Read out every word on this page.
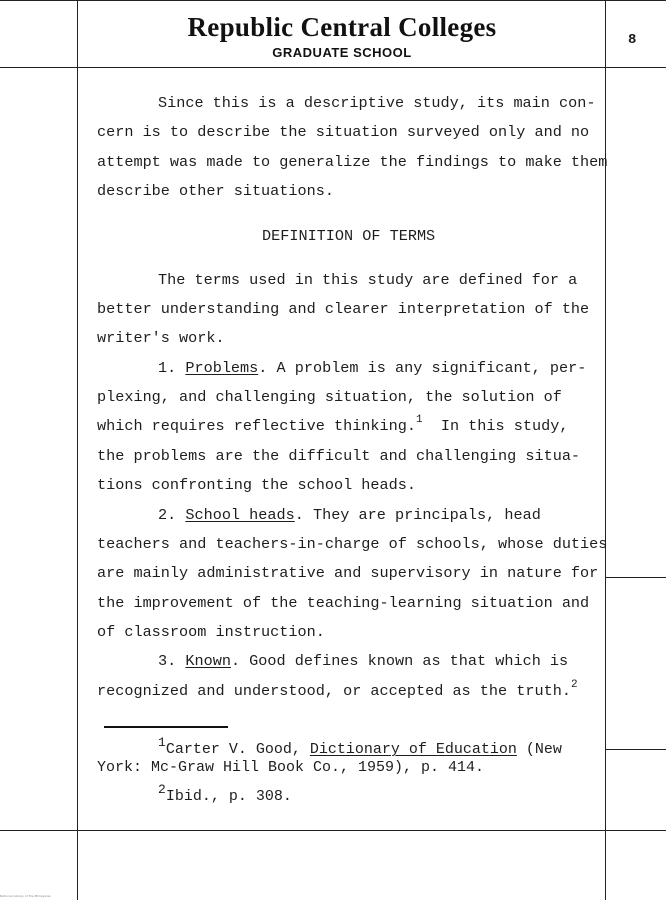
Republic Central Colleges
GRADUATE SCHOOL
8
Since this is a descriptive study, its main con-
cern is to describe the situation surveyed only and no
attempt was made to generalize the findings to make them
describe other situations.
DEFINITION OF TERMS
The terms used in this study are defined for a
better understanding and clearer interpretation of the
writer's work.
1. Problems. A problem is any significant, per-
plexing, and challenging situation, the solution of
which requires reflective thinking.$^1$ In this study,
the problems are the difficult and challenging situa-
tions confronting the school heads.
2. School heads. They are principals, head
teachers and teachers-in-charge of schools, whose duties
are mainly administrative and supervisory in nature for
the improvement of the teaching-learning situation and
of classroom instruction.
3. Known. Good defines known as that which is
recognized and understood, or accepted as the truth.$^2$
$^1$Carter V. Good, Dictionary of Education (New
York: Mc-Graw Hill Book Co., 1959), p. 414.
$^2$Ibid., p. 308.
National Library of the Philippines
